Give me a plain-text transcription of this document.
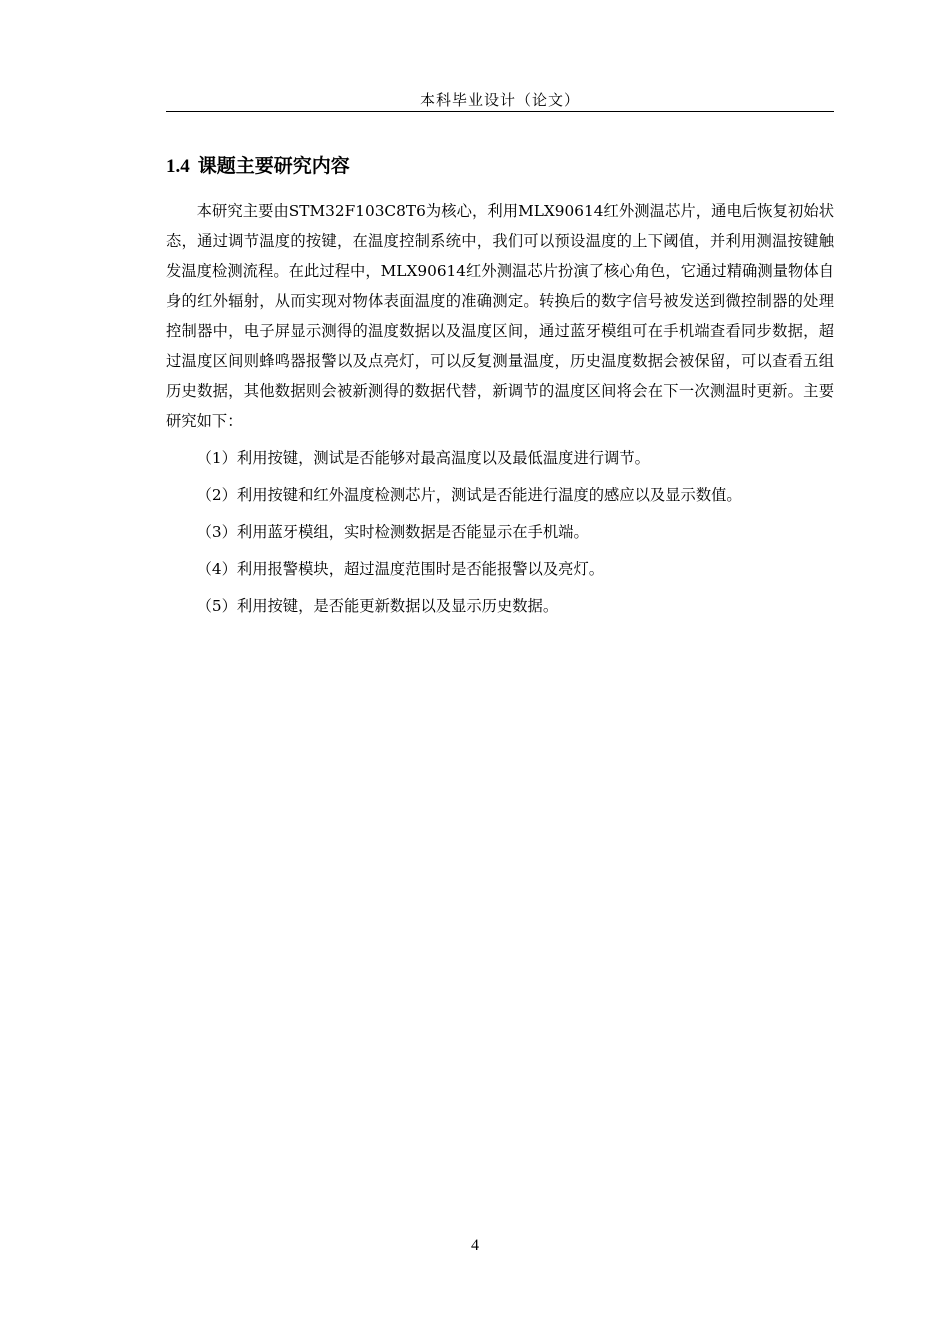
本科毕业设计（论文）
1.4 课题主要研究内容

本研究主要由STM32F103C8T6为核心，利用MLX90614红外测温芯片，通电后恢复初始状态，通过调节温度的按键，在温度控制系统中，我们可以预设温度的上下阈值，并利用测温按键触发温度检测流程。在此过程中，MLX90614红外测温芯片扮演了核心角色，它通过精确测量物体自身的红外辐射，从而实现对物体表面温度的准确测定。转换后的数字信号被发送到微控制器的处理控制器中，电子屏显示测得的温度数据以及温度区间，通过蓝牙模组可在手机端查看同步数据，超过温度区间则蜂鸣器报警以及点亮灯，可以反复测量温度，历史温度数据会被保留，可以查看五组历史数据，其他数据则会被新测得的数据代替，新调节的温度区间将会在下一次测温时更新。主要研究如下：

（1）利用按键，测试是否能够对最高温度以及最低温度进行调节。

（2）利用按键和红外温度检测芯片，测试是否能进行温度的感应以及显示数值。

（3）利用蓝牙模组，实时检测数据是否能显示在手机端。

（4）利用报警模块，超过温度范围时是否能报警以及亮灯。

（5）利用按键，是否能更新数据以及显示历史数据。

4
